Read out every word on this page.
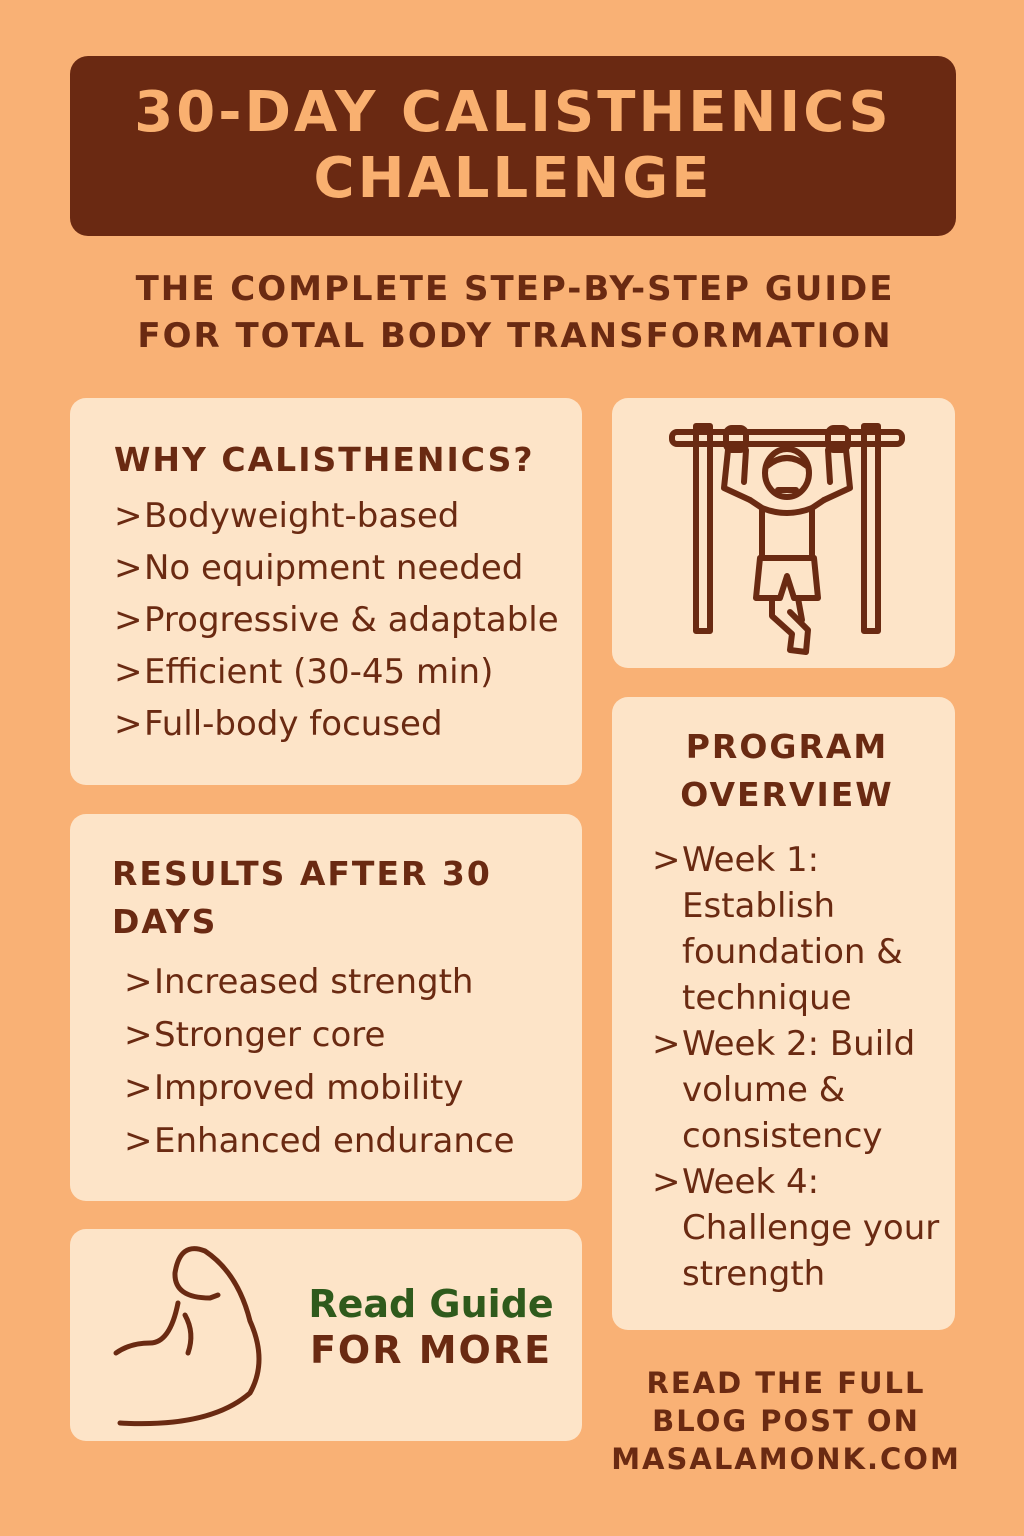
30-DAY CALISTHENICS
CHALLENGE
THE COMPLETE STEP-BY-STEP GUIDE
FOR TOTAL BODY TRANSFORMATION
WHY CALISTHENICS?
> Bodyweight-based
> No equipment needed
> Progressive & adaptable
> Efficient (30-45 min)
> Full-body focused
RESULTS AFTER 30 DAYS
> Increased strength
> Stronger core
> Improved mobility
> Enhanced endurance
PROGRAM OVERVIEW
> Week 1: Establish foundation & technique
> Week 2: Build volume & consistency
> Week 4: Challenge your strength
Read Guide
FOR MORE
READ THE FULL
BLOG POST ON
MASALAMONK.COM
